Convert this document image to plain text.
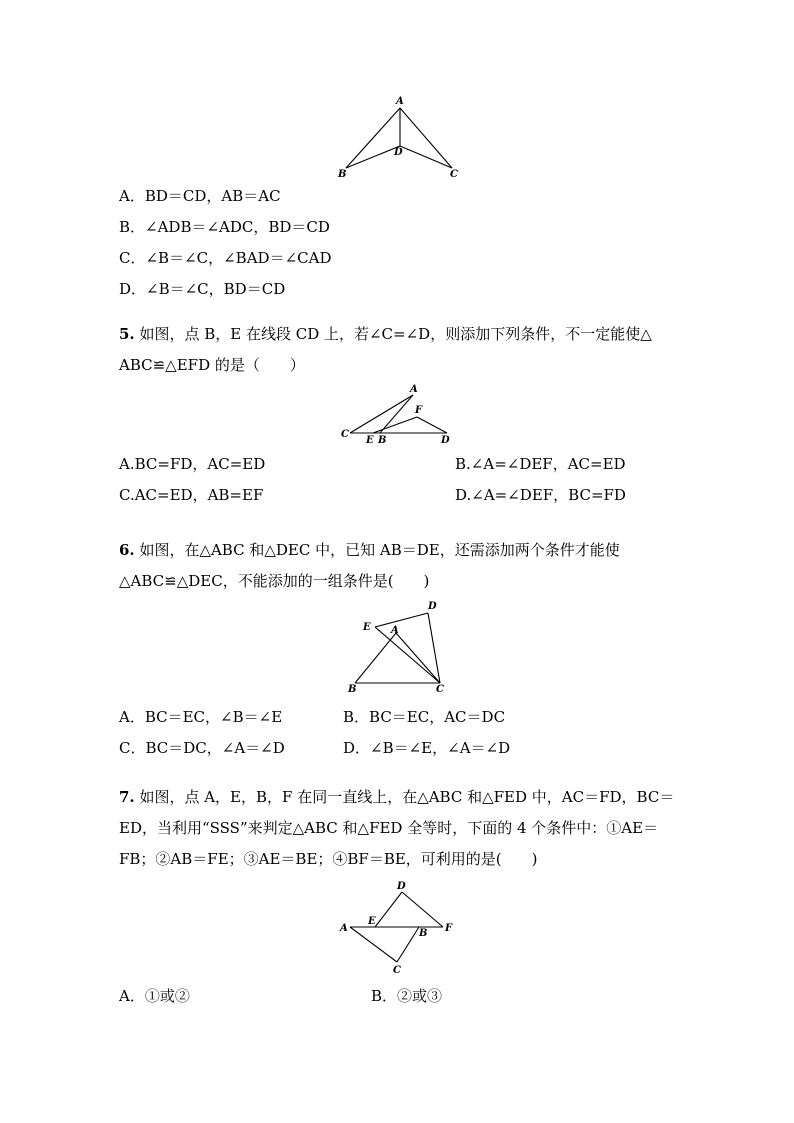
A
B	C
D
A．BD＝CD，AB＝AC
B．∠ADB＝∠ADC，BD＝CD
C．∠B＝∠C，∠BAD＝∠CAD
D．∠B＝∠C，BD＝CD
5. 如图，点 B，E 在线段 CD 上，若∠C=∠D，则添加下列条件，不一定能使△
ABC≌△EFD 的是（　　）
A
F
C
E B	D
A.BC=FD，AC=ED	B.∠A=∠DEF，AC=ED
C.AC=ED，AB=EF	D.∠A=∠DEF，BC=FD
6. 如图，在△ABC 和△DEC 中，已知 AB＝DE，还需添加两个条件才能使
△ABC≌△DEC，不能添加的一组条件是(　　)
D
E A
B	C
A．BC＝EC，∠B＝∠E	B．BC＝EC，AC＝DC
C．BC＝DC，∠A＝∠D	D．∠B＝∠E，∠A＝∠D
7. 如图，点 A，E，B，F 在同一直线上，在△ABC 和△FED 中，AC＝FD，BC＝
ED，当利用“SSS”来判定△ABC 和△FED 全等时，下面的 4 个条件中：①AE＝
FB；②AB＝FE；③AE＝BE；④BF＝BE，可利用的是(　　)
D
E
A	B F
C
A．①或②	B．②或③
